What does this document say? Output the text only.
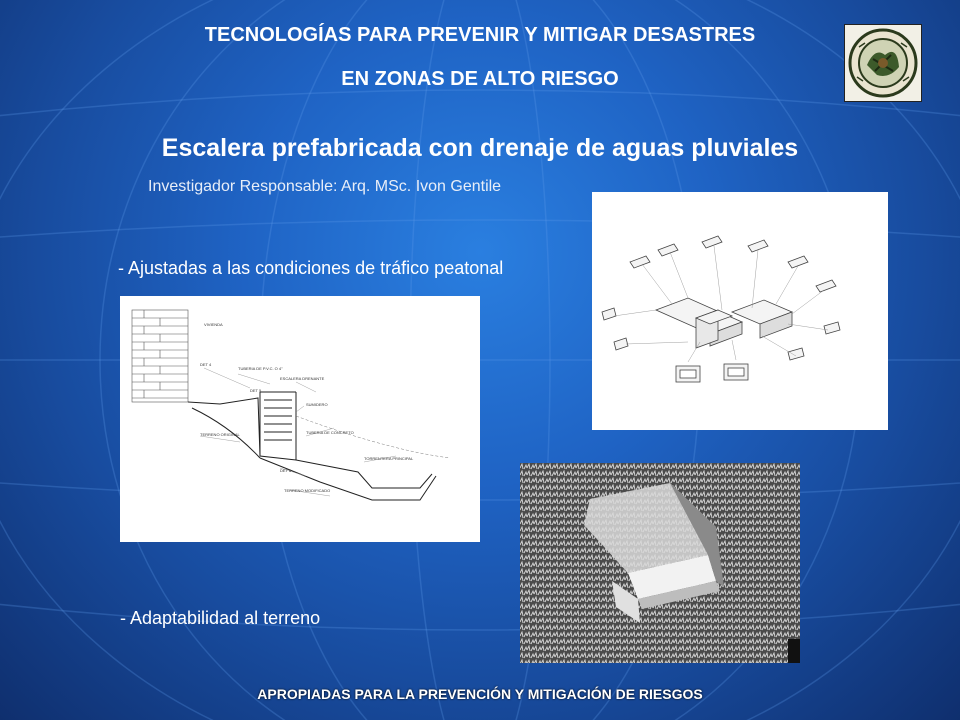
TECNOLOGÍAS PARA PREVENIR Y MITIGAR DESASTRES
EN ZONAS DE ALTO RIESGO
Escalera prefabricada con drenaje de aguas pluviales
Investigador Responsable: Arq. MSc. Ivon Gentile
- Ajustadas a las condiciones de tráfico peatonal
VIVIENDA
DET 4
TUBERIA DE P.V.C. O 4"
ESCALERA DRENANTE
DET 5
SUMIDERO
TERRENO ORIGINAL	TUBERIA DE CONCRETO
TORRENTERA PRINCIPAL
DET 6
TERRENO MODIFICADO
- Adaptabilidad al terreno
APROPIADAS PARA LA PREVENCIÓN Y MITIGACIÓN DE RIESGOS
